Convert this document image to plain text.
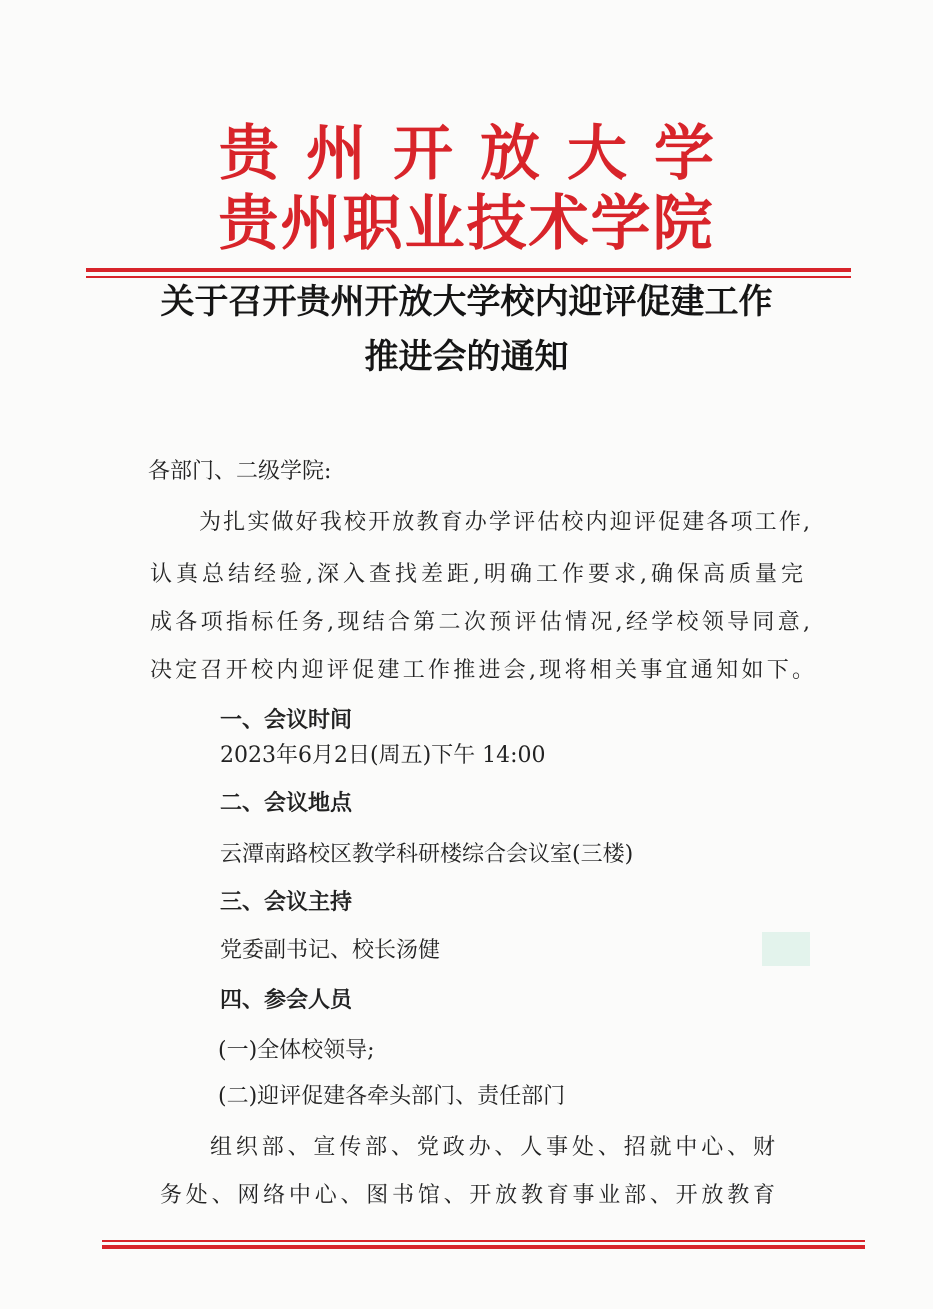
贵州开放大学
贵州职业技术学院
关于召开贵州开放大学校内迎评促建工作
推进会的通知
各部门、二级学院:
为扎实做好我校开放教育办学评估校内迎评促建各项工作,
认真总结经验,深入查找差距,明确工作要求,确保高质量完
成各项指标任务,现结合第二次预评估情况,经学校领导同意,
决定召开校内迎评促建工作推进会,现将相关事宜通知如下。
一、会议时间
2023年6月2日(周五)下午 14:00
二、会议地点
云潭南路校区教学科研楼综合会议室(三楼)
三、会议主持
党委副书记、校长汤健
四、参会人员
(一)全体校领导;
(二)迎评促建各牵头部门、责任部门
组织部、宣传部、党政办、人事处、招就中心、财
务处、网络中心、图书馆、开放教育事业部、开放教育
